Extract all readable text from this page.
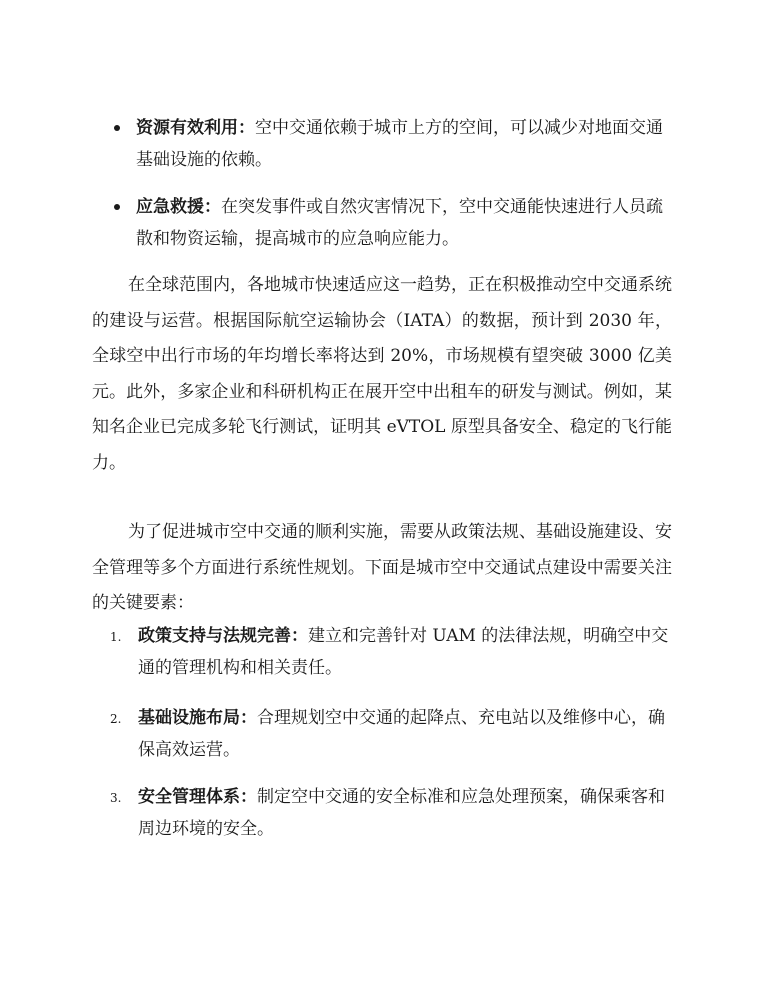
资源有效利用：空中交通依赖于城市上方的空间，可以减少对地面交通基础设施的依赖。
应急救援：在突发事件或自然灾害情况下，空中交通能快速进行人员疏散和物资运输，提高城市的应急响应能力。

在全球范围内，各地城市快速适应这一趋势，正在积极推动空中交通系统的建设与运营。根据国际航空运输协会（IATA）的数据，预计到 2030 年，全球空中出行市场的年均增长率将达到 20%，市场规模有望突破 3000 亿美元。此外，多家企业和科研机构正在展开空中出租车的研发与测试。例如，某知名企业已完成多轮飞行测试，证明其 eVTOL 原型具备安全、稳定的飞行能力。

为了促进城市空中交通的顺利实施，需要从政策法规、基础设施建设、安全管理等多个方面进行系统性规划。下面是城市空中交通试点建设中需要关注的关键要素：

1. 政策支持与法规完善：建立和完善针对 UAM 的法律法规，明确空中交通的管理机构和相关责任。
2. 基础设施布局：合理规划空中交通的起降点、充电站以及维修中心，确保高效运营。
3. 安全管理体系：制定空中交通的安全标准和应急处理预案，确保乘客和周边环境的安全。
